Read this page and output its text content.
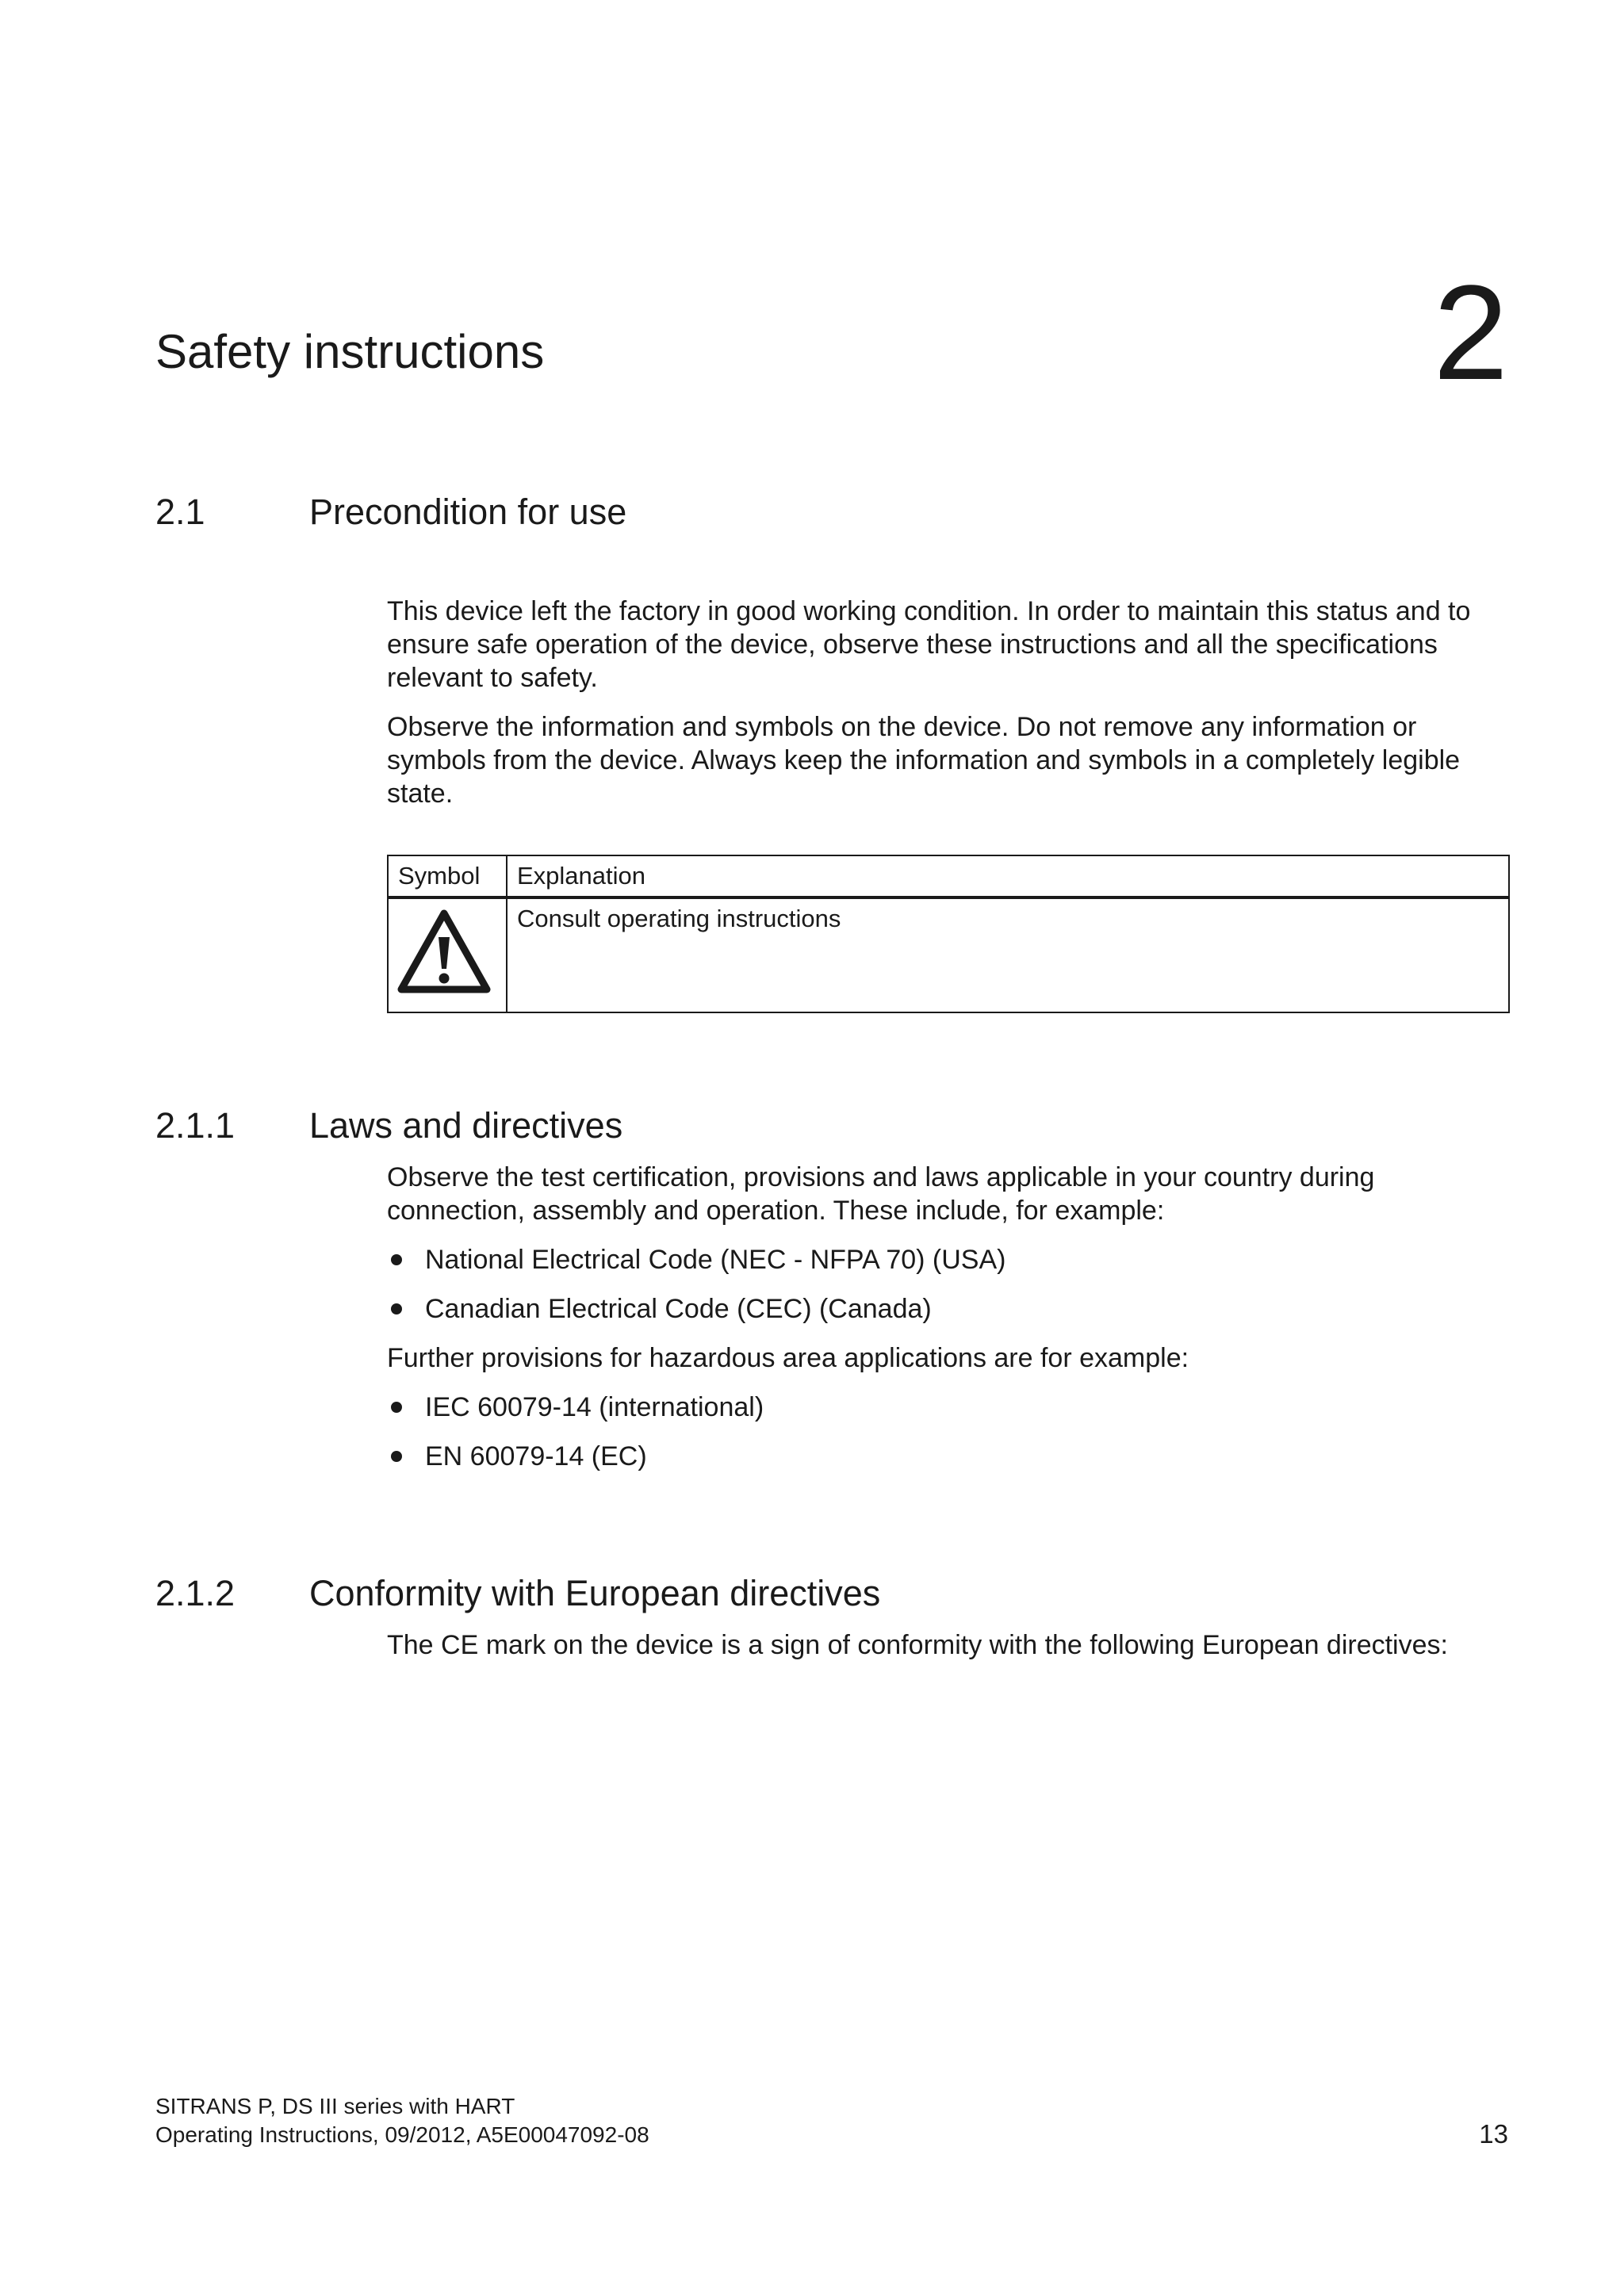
Safety instructions	2
2.1	Precondition for use

This device left the factory in good working condition. In order to maintain this status and to ensure safe operation of the device, observe these instructions and all the specifications relevant to safety.

Observe the information and symbols on the device. Do not remove any information or symbols from the device. Always keep the information and symbols in a completely legible state.

Symbol	Explanation
	Consult operating instructions
2.1.1 Laws and directives

Observe the test certification, provisions and laws applicable in your country during connection, assembly and operation. These include, for example:

National Electrical Code (NEC - NFPA 70) (USA)
Canadian Electrical Code (CEC) (Canada)

Further provisions for hazardous area applications are for example:

IEC 60079-14 (international)
EN 60079-14 (EC)
2.1.2 Conformity with European directives

The CE mark on the device is a sign of conformity with the following European directives:

SITRANS P, DS III series with HART
Operating Instructions, 09/2012, A5E00047092-08	13
